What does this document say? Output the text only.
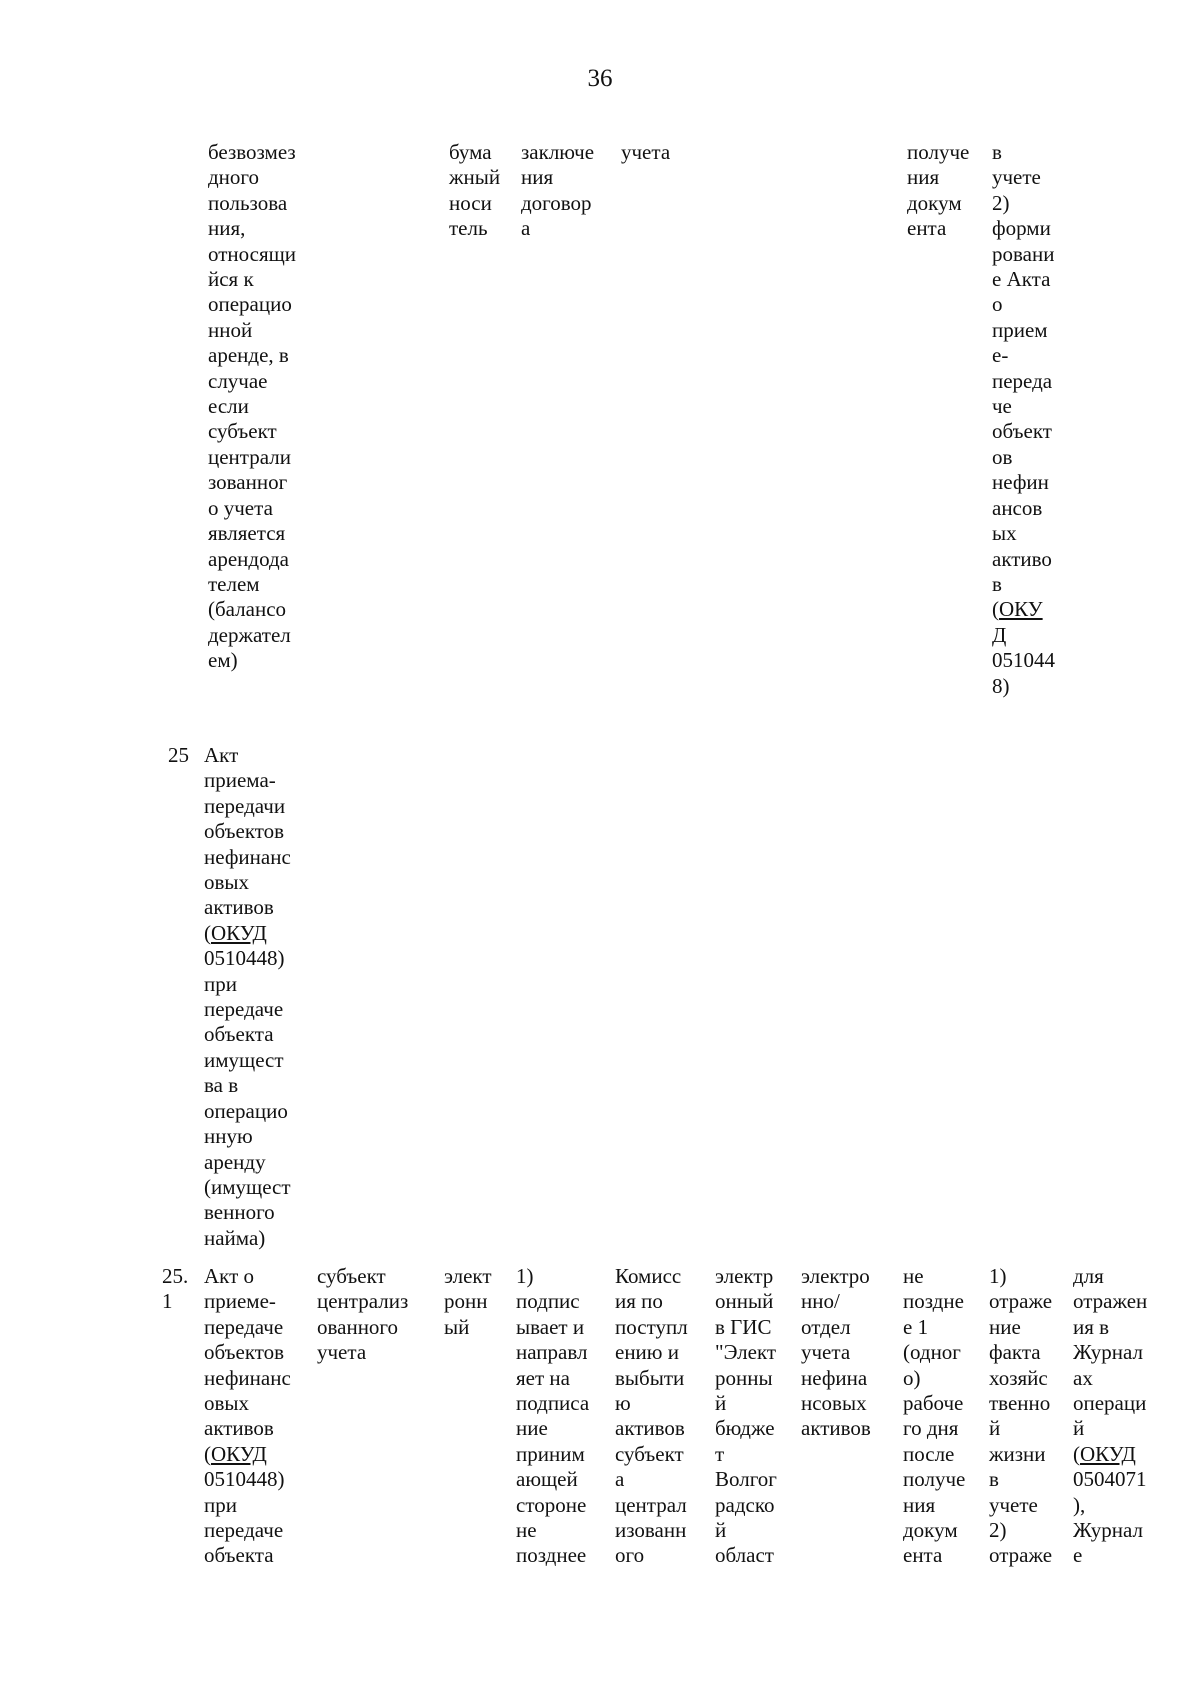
36
безвозмез
дного
пользова
ния,
относящи
йся к
операцио
нной
аренде, в
случае
если
субъект
централи
зованног
о учета
является
арендода
телем
(балансо
держател
ем)
бума
жный
носи
тель
заключе
ния
договор
а
учета	получе
ния
докум
ента
в
учете
2)
форми
ровани
е Акта
о
прием
е-
переда
че
объект
ов
нефин
ансов
ых
активо
в
(ОКУ
Д
051044
8)
25 Акт
приема-
передачи
объектов
нефинанс
овых
активов
(ОКУД
0510448)
при
передаче
объекта
имущест
ва в
операцио
нную
аренду
(имущест
венного
найма)
25.
1
Акт о
приеме-
передаче
объектов
нефинанс
овых
активов
(ОКУД
0510448)
при
передаче
объекта
субъект
централиз
ованного
учета
элект
ронн
ый
1)
подпис
ывает и
направл
яет на
подписа
ние
приним
ающей
стороне
не
позднее
Комисс
ия по
поступл
ению и
выбыти
ю
активов
субъект
а
централ
изованн
ого
электр
онный
в ГИС
"Элект
ронны
й
бюдже
т
Волгог
радско
й
област
электро
нно/
отдел
учета
нефина
нсовых
активов
не
поздне
е 1
(одног
о)
рабоче
го дня
после
получе
ния
докум
ента
1)
отраже
ние
факта
хозяйс
твенно
й
жизни
в
учете
2)
отраже
для
отражен
ия в
Журнал
ах
операци
й
(ОКУД
0504071
),
Журнал
е
